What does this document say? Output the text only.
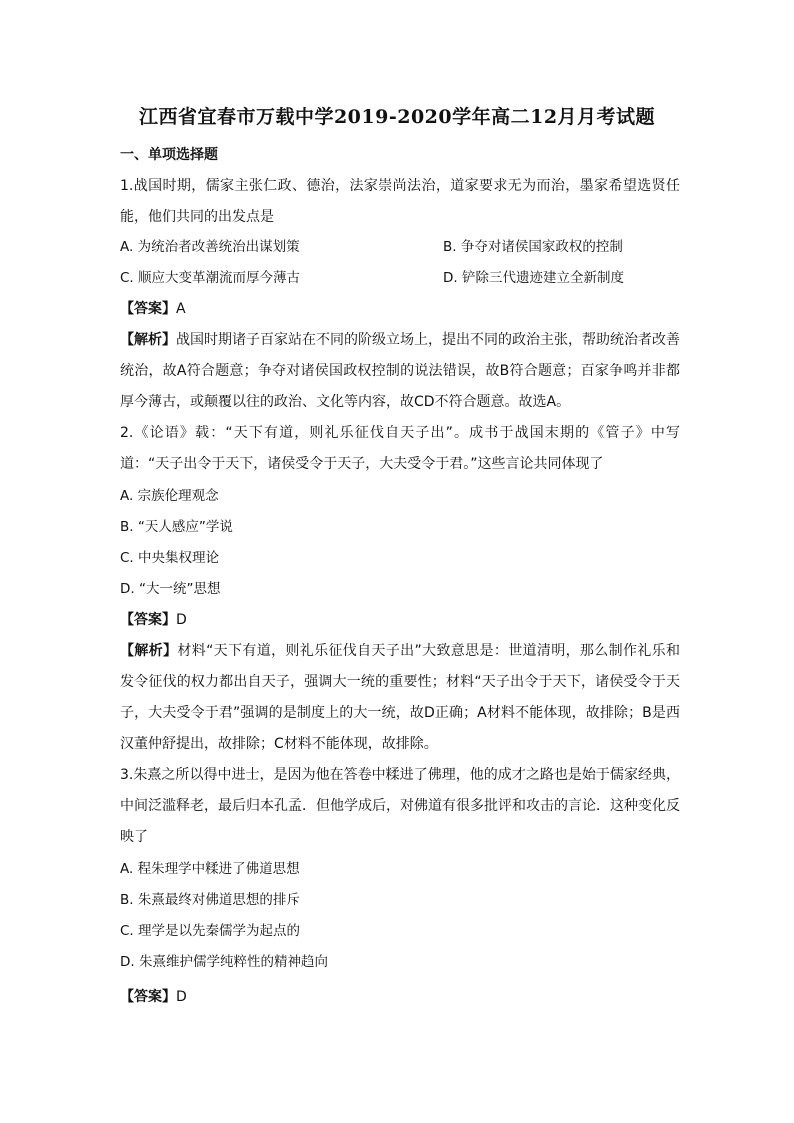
江西省宜春市万载中学2019-2020学年高二12月月考试题
一、单项选择题
1.战国时期，儒家主张仁政、德治，法家崇尚法治，道家要求无为而治，墨家希望选贤任能，他们共同的出发点是
A. 为统治者改善统治出谋划策	B. 争夺对诸侯国家政权的控制
C. 顺应大变革潮流而厚今薄古	D. 铲除三代遗迹建立全新制度
【答案】A
【解析】战国时期诸子百家站在不同的阶级立场上，提出不同的政治主张，帮助统治者改善统治，故A符合题意；争夺对诸侯国政权控制的说法错误，故B符合题意；百家争鸣并非都厚今薄古，或颠覆以往的政治、文化等内容，故CD不符合题意。故选A。
2.《论语》载：“天下有道，则礼乐征伐自天子出”。成书于战国末期的《管子》中写道：“天子出令于天下，诸侯受令于天子，大夫受令于君。”这些言论共同体现了
A. 宗族伦理观念
B. “天人感应”学说
C. 中央集权理论
D. “大一统”思想
【答案】D
【解析】材料“天下有道，则礼乐征伐自天子出”大致意思是：世道清明，那么制作礼乐和发令征伐的权力都出自天子，强调大一统的重要性；材料“天子出令于天下，诸侯受令于天子，大夫受令于君”强调的是制度上的大一统，故D正确；A材料不能体现，故排除；B是西汉董仲舒提出，故排除；C材料不能体现，故排除。
3.朱熹之所以得中进士，是因为他在答卷中糅进了佛理，他的成才之路也是始于儒家经典，中间泛滥释老，最后归本孔孟．但他学成后，对佛道有很多批评和攻击的言论．这种变化反映了
A. 程朱理学中糅进了佛道思想
B. 朱熹最终对佛道思想的排斥
C. 理学是以先秦儒学为起点的
D. 朱熹维护儒学纯粹性的精神趋向
【答案】D
